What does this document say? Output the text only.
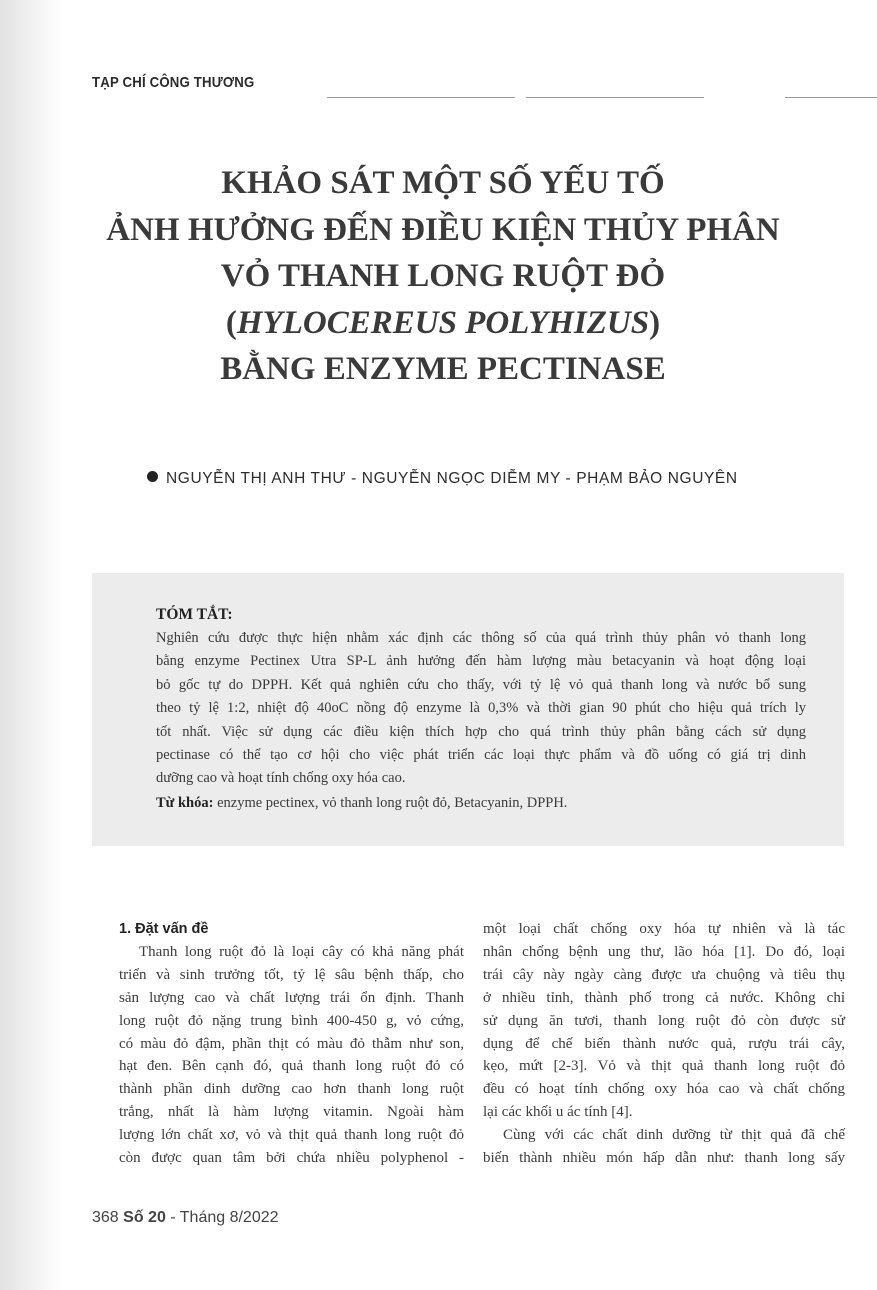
TẠP CHÍ CÔNG THƯƠNG
KHẢO SÁT MỘT SỐ YẾU TỐ
ẢNH HƯỞNG ĐẾN ĐIỀU KIỆN THỦY PHÂN
VỎ THANH LONG RUỘT ĐỎ
(HYLOCEREUS POLYHIZUS)
BẰNG ENZYME PECTINASE
NGUYỄN THỊ ANH THƯ - NGUYỄN NGỌC DIỄM MY - PHẠM BẢO NGUYÊN
TÓM TẮT:
Nghiên cứu được thực hiện nhằm xác định các thông số của quá trình thủy phân vỏ thanh long
bằng enzyme Pectinex Utra SP-L ảnh hưởng đến hàm lượng màu betacyanin và hoạt động loại
bỏ gốc tự do DPPH. Kết quả nghiên cứu cho thấy, với tỷ lệ vỏ quả thanh long và nước bổ sung
theo tỷ lệ 1:2, nhiệt độ 40oC nồng độ enzyme là 0,3% và thời gian 90 phút cho hiệu quả trích ly
tốt nhất. Việc sử dụng các điều kiện thích hợp cho quá trình thủy phân bằng cách sử dụng
pectinase có thể tạo cơ hội cho việc phát triển các loại thực phẩm và đồ uống có giá trị dinh
dưỡng cao và hoạt tính chống oxy hóa cao.
Từ khóa: enzyme pectinex, vỏ thanh long ruột đỏ, Betacyanin, DPPH.
1. Đặt vấn đề
Thanh long ruột đỏ là loại cây có khả năng phát
triển và sinh trưởng tốt, tỷ lệ sâu bệnh thấp, cho
sản lượng cao và chất lượng trái ổn định. Thanh
long ruột đỏ nặng trung bình 400-450 g, vỏ cứng,
có màu đỏ đậm, phần thịt có màu đỏ thẫm như son,
hạt đen. Bên cạnh đó, quả thanh long ruột đỏ có
thành phần dinh dưỡng cao hơn thanh long ruột
trắng, nhất là hàm lượng vitamin. Ngoài hàm
lượng lớn chất xơ, vỏ và thịt quả thanh long ruột đỏ
còn được quan tâm bởi chứa nhiều polyphenol -
một loại chất chống oxy hóa tự nhiên và là tác
nhân chống bệnh ung thư, lão hóa [1]. Do đó, loại
trái cây này ngày càng được ưa chuộng và tiêu thụ
ở nhiều tỉnh, thành phố trong cả nước. Không chỉ
sử dụng ăn tươi, thanh long ruột đỏ còn được sử
dụng để chế biến thành nước quả, rượu trái cây,
kẹo, mứt [2-3]. Vỏ và thịt quả thanh long ruột đỏ
đều có hoạt tính chống oxy hóa cao và chất chống
lại các khối u ác tính [4].
Cùng với các chất dinh dưỡng từ thịt quả đã chế
biến thành nhiều món hấp dẫn như: thanh long sấy
368 Số 20 - Tháng 8/2022
